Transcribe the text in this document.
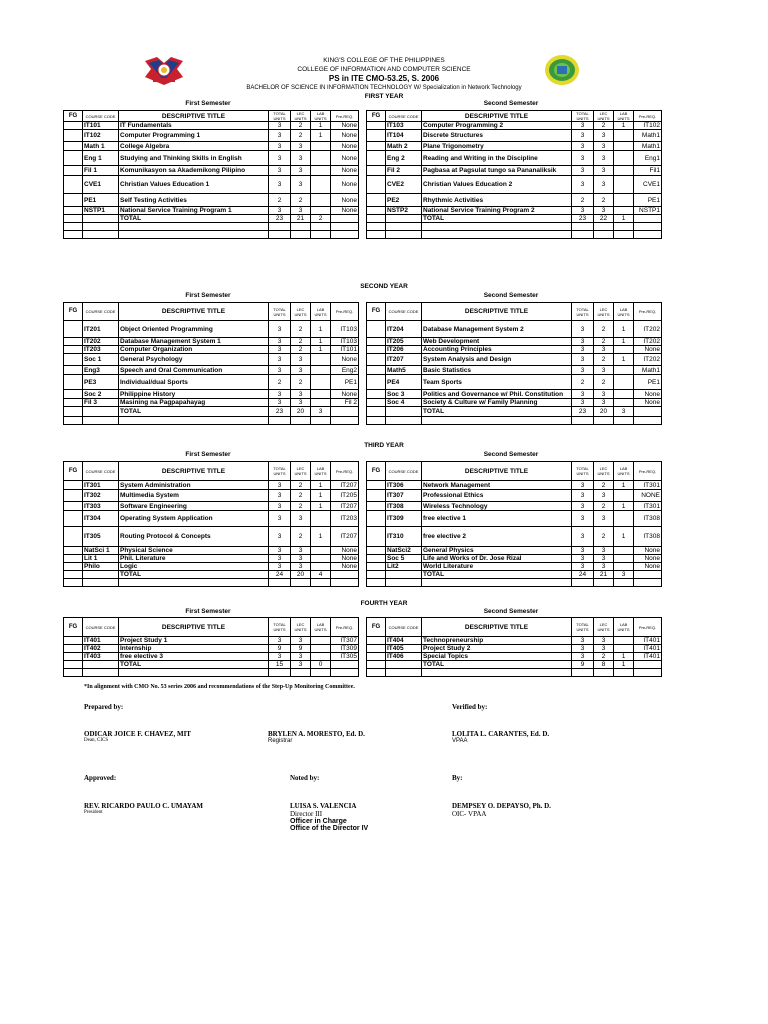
KING'S COLLEGE OF THE PHILIPPINES
COLLEGE OF INFORMATION AND COMPUTER SCIENCE
PS in ITE CMO-53.25, S. 2006
BACHELOR OF SCIENCE IN INFORMATION TECHNOLOGY W/ Specialization in Network Technology
FIRST YEAR
First Semester
FG	COURSE CODE	DESCRIPTIVE TITLE	TOTAL UNITS	LEC UNITS	LAB UNITS	Pre-REQ.
	IT101	IT Fundamentals	3	2	1	None
	IT102	Computer Programming 1	3	2	1	None
	Math 1	College Algebra	3	3		None
	Eng 1	Studying and Thinking Skills in English	3	3		None
	Fil 1	Komunikasyon sa Akademikong Pilipino	3	3		None
	CVE1	Christian Values Education 1	3	3		None
	PE1	Self Testing Activities	2	2		None
	NSTP1	National Service Training Program 1	3	3		None
		TOTAL	23	21	2	

Second Semester
FG	COURSE CODE	DESCRIPTIVE TITLE	TOTAL UNITS	LEC UNITS	LAB UNITS	Pre-REQ.
	IT103	Computer Programming 2	3	2	1	IT102
	IT104	Discrete Structures	3	3		Math1
	Math 2	Plane Trigonometry	3	3		Math1
	Eng 2	Reading and Writing in the Discipline	3	3		Eng1
	Fil 2	Pagbasa at Pagsulat tungo sa Pananaliksik	3	3		Fil1
	CVE2	Christian Values Education 2	3	3		CVE1
	PE2	Rhythmic Activities	2	2		PE1
	NSTP2	National Service Training Program 2	3	3		NSTP1
		TOTAL	23	22	1	

SECOND YEAR
First Semester
FG	COURSE CODE	DESCRIPTIVE TITLE	TOTAL UNITS	LEC UNITS	LAB UNITS	Pre-REQ.
	IT201	Object Oriented Programming	3	2	1	IT103
	IT202	Database Management System 1	3	2	1	IT103
	IT203	Computer Organization	3	2	1	IT101
	Soc 1	General Psychology	3	3		None
	Eng3	Speech and Oral Communication	3	3		Eng2
	PE3	Individual/dual Sports	2	2		PE1
	Soc 2	Philippine History	3	3		None
	Fil 3	Masining na Pagpapahayag	3	3		Fil 2
		TOTAL	23	20	3	

Second Semester
FG	COURSE CODE	DESCRIPTIVE TITLE	TOTAL UNITS	LEC UNITS	LAB UNITS	Pre-REQ.
	IT204	Database Management System 2	3	2	1	IT202
	IT205	Web Development	3	2	1	IT202
	IT206	Accounting Principles	3	3		None
	IT207	System Analysis and Design	3	2	1	IT202
	Math5	Basic Statistics	3	3		Math1
	PE4	Team Sports	2	2		PE1
	Soc 3	Politics and Governance w/ Phil. Constitution	3	3		None
	Soc 4	Society & Culture w/ Family Planning	3	3		None
		TOTAL	23	20	3	

THIRD YEAR
First Semester
FG	COURSE CODE	DESCRIPTIVE TITLE	TOTAL UNITS	LEC UNITS	LAB UNITS	Pre-REQ.
	IT301	System Administration	3	2	1	IT207
	IT302	Multimedia System	3	2	1	IT205
	IT303	Software Engineering	3	2	1	IT207
	IT304	Operating System Application	3	3		IT203
	IT305	Routing Protocol & Concepts	3	2	1	IT207
	NatSci 1	Physical Science	3	3		None
	Lit 1	Phil. Literature	3	3		None
	Philo	Logic	3	3		None
		TOTAL	24	20	4	

Second Semester
FG	COURSE CODE	DESCRIPTIVE TITLE	TOTAL UNITS	LEC UNITS	LAB UNITS	Pre-REQ.
	IT306	Network Management	3	2	1	IT301
	IT307	Professional Ethics	3	3		NONE
	IT308	Wireless Technology	3	2	1	IT301
	IT309	free elective 1	3	3		IT308
	IT310	free elective 2	3	2	1	IT308
	NatSci2	General Physics	3	3		None
	Soc 5	Life and Works of Dr. Jose Rizal	3	3		None
	Lit2	World Literature	3	3		None
		TOTAL	24	21	3	

FOURTH YEAR
First Semester
FG	COURSE CODE	DESCRIPTIVE TITLE	TOTAL UNITS	LEC UNITS	LAB UNITS	Pre-REQ.
	IT401	Project Study 1	3	3		IT307
	IT402	Internship	9	9		IT309
	IT403	free elective 3	3	3		IT305
		TOTAL	15	3	0	

Second Semester
FG	COURSE CODE	DESCRIPTIVE TITLE	TOTAL UNITS	LEC UNITS	LAB UNITS	Pre-REQ.
	IT404	Technopreneurship	3	3		IT401
	IT405	Project Study 2	3	3		IT401
	IT406	Special Topics	3	2	1	IT401
		TOTAL	9	8	1	

*In alignment with CMO No. 53 series 2006 and recommendations of the Step-Up Monitoring Committee.
Prepared by:	Verified by:
ODICAR JOICE F. CHAVEZ, MIT
Dean, CICS
BRYLEN A. MORESTO, Ed. D.
Registrar
LOLITA L. CARANTES, Ed. D.
VPAA
Approved:	Noted by:	By:
REV. RICARDO PAULO C. UMAYAM
President
LUISA S. VALENCIA
Director III
Officer in Charge
Office of the Director IV
DEMPSEY O. DEPAYSO, Ph. D.
OIC- VPAA
